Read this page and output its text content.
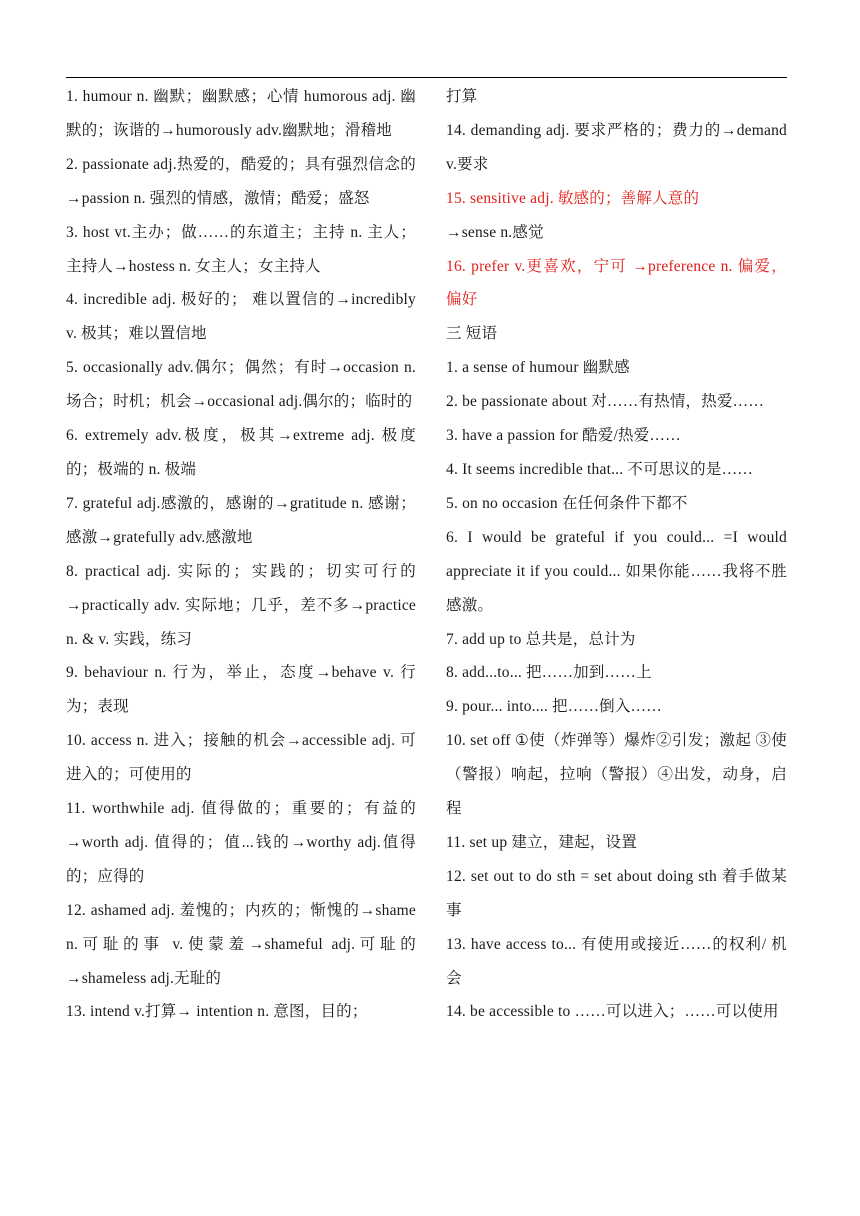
1. humour n. 幽默；幽默感；心情 humorous adj. 幽默的；诙谐的→humorously adv.幽默地；滑稽地

2. passionate adj.热爱的，酷爱的；具有强烈信念的→passion n. 强烈的情感，激情；酷爱；盛怒

3. host vt.主办；做……的东道主；主持 n. 主人；主持人→hostess n. 女主人；女主持人

4. incredible adj. 极好的； 难以置信的→incredibly v. 极其；难以置信地

5. occasionally adv.偶尔；偶然；有时→occasion n. 场合；时机；机会→occasional adj.偶尔的；临时的

6. extremely adv.极度，极其→extreme adj. 极度的；极端的 n. 极端

7. grateful adj.感激的，感谢的→gratitude n. 感谢；感激→gratefully adv.感激地

8. practical adj. 实际的；实践的；切实可行的→practically adv. 实际地；几乎，差不多→practice n. & v. 实践，练习

9. behaviour n. 行为，举止，态度→behave v. 行为；表现

10. access n. 进入；接触的机会→accessible adj. 可进入的；可使用的

11. worthwhile adj. 值得做的；重要的；有益的→worth adj. 值得的；值...钱的→worthy adj.值得的；应得的

12. ashamed adj. 羞愧的；内疚的；惭愧的→shame n.可耻的事 v.使蒙羞→shameful adj.可耻的 →shameless adj.无耻的

13. intend v.打算→ intention n. 意图，目的；

打算

14. demanding adj. 要求严格的；费力的→demand v.要求

15. sensitive adj. 敏感的；善解人意的

→sense n.感觉

16. prefer v.更喜欢，宁可 →preference n. 偏爱，偏好

三 短语

1. a sense of humour 幽默感

2. be passionate about 对……有热情，热爱……

3. have a passion for 酷爱/热爱……

4. It seems incredible that... 不可思议的是……

5. on no occasion 在任何条件下都不

6. I would be grateful if you could... =I would appreciate it if you could... 如果你能……我将不胜感激。

7. add up to 总共是，总计为

8. add...to... 把……加到……上

9. pour... into.... 把……倒入……

10. set off ①使（炸弹等）爆炸②引发；激起 ③使（警报）响起，拉响（警报）④出发，动身，启程

11. set up 建立，建起，设置

12. set out to do sth = set about doing sth 着手做某事

13. have access to... 有使用或接近……的权利/ 机会

14. be accessible to ……可以进入；……可以使用
